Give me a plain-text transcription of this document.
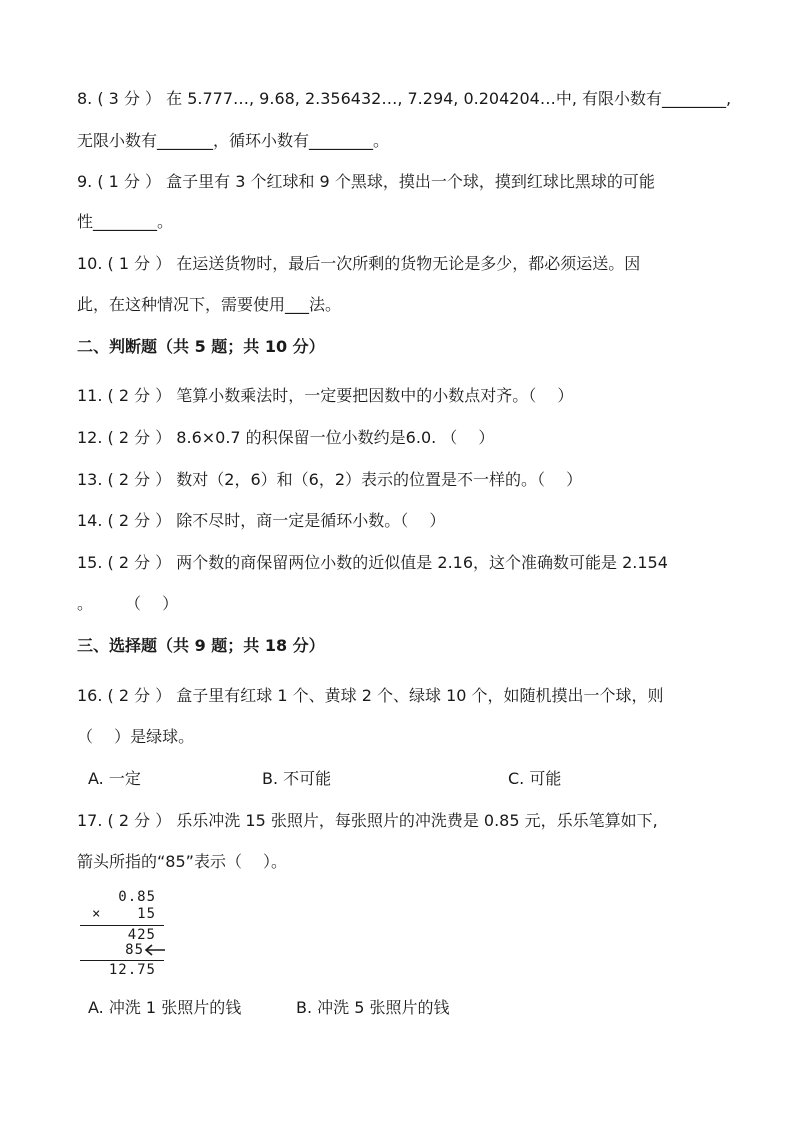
8. ( 3 分 ） 在 5.777…, 9.68, 2.356432…, 7.294, 0.204204…中, 有限小数有________,
无限小数有_______，循环小数有________。
9. ( 1 分 ） 盒子里有 3 个红球和 9 个黑球，摸出一个球，摸到红球比黑球的可能
性________。
10. ( 1 分 ） 在运送货物时，最后一次所剩的货物无论是多少，都必须运送。因
此，在这种情况下，需要使用___法。
二、判断题（共 5 题；共 10 分）
11. ( 2 分 ） 笔算小数乘法时，一定要把因数中的小数点对齐。（　 ）
12. ( 2 分 ） 8.6×0.7 的积保留一位小数约是6.0. （　 ）
13. ( 2 分 ） 数对（2，6）和（6，2）表示的位置是不一样的。（　 ）
14. ( 2 分 ） 除不尽时，商一定是循环小数。（　 ）
15. ( 2 分 ） 两个数的商保留两位小数的近似值是 2.16，这个准确数可能是 2.154
。　　　（　 ）
三、选择题（共 9 题；共 18 分）
16. ( 2 分 ） 盒子里有红球 1 个、黄球 2 个、绿球 10 个，如随机摸出一个球，则
（　 ）是绿球。
A. 一定	B. 不可能	C. 可能
17. ( 2 分 ） 乐乐冲洗 15 张照片，每张照片的冲洗费是 0.85 元，乐乐笔算如下,
箭头所指的“85”表示（　 ）。
0.85
×	15
425
85
12.75
A. 冲洗 1 张照片的钱	B. 冲洗 5 张照片的钱
